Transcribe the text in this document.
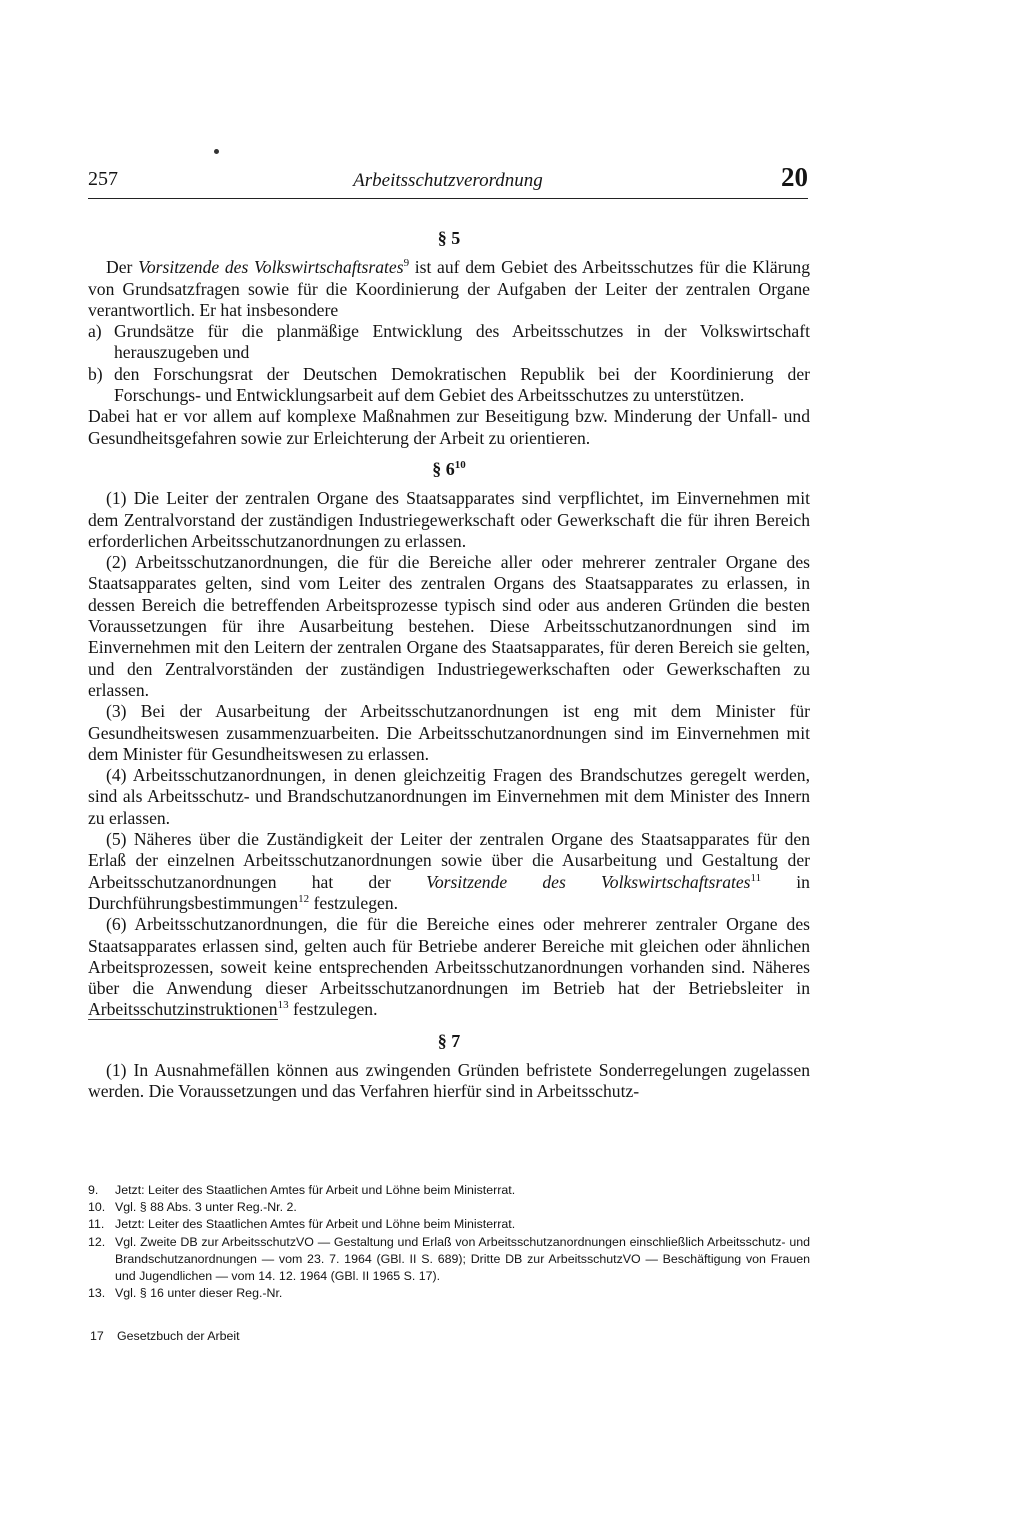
257	Arbeitsschutzverordnung	20
§ 5

Der Vorsitzende des Volkswirtschaftsrates$^9$ ist auf dem Gebiet des Arbeitsschutzes für die Klärung von Grundsatzfragen sowie für die Koordinierung der Aufgaben der Leiter der zentralen Organe verantwortlich. Er hat insbesondere

a) Grundsätze für die planmäßige Entwicklung des Arbeitsschutzes in der Volkswirtschaft herauszugeben und
b) den Forschungsrat der Deutschen Demokratischen Republik bei der Koordinierung der Forschungs- und Entwicklungsarbeit auf dem Gebiet des Arbeitsschutzes zu unterstützen.

Dabei hat er vor allem auf komplexe Maßnahmen zur Beseitigung bzw. Minderung der Unfall- und Gesundheitsgefahren sowie zur Erleichterung der Arbeit zu orientieren.

§ $6^{10}$

(1) Die Leiter der zentralen Organe des Staatsapparates sind verpflichtet, im Einvernehmen mit dem Zentralvorstand der zuständigen Industriegewerkschaft oder Gewerkschaft die für ihren Bereich erforderlichen Arbeitsschutzanordnungen zu erlassen.

(2) Arbeitsschutzanordnungen, die für die Bereiche aller oder mehrerer zentraler Organe des Staatsapparates gelten, sind vom Leiter des zentralen Organs des Staatsapparates zu erlassen, in dessen Bereich die betreffenden Arbeitsprozesse typisch sind oder aus anderen Gründen die besten Voraussetzungen für ihre Ausarbeitung bestehen. Diese Arbeitsschutzanordnungen sind im Einvernehmen mit den Leitern der zentralen Organe des Staatsapparates, für deren Bereich sie gelten, und den Zentralvorständen der zuständigen Industriegewerkschaften oder Gewerkschaften zu erlassen.

(3) Bei der Ausarbeitung der Arbeitsschutzanordnungen ist eng mit dem Minister für Gesundheitswesen zusammenzuarbeiten. Die Arbeitsschutzanordnungen sind im Einvernehmen mit dem Minister für Gesundheitswesen zu erlassen.

(4) Arbeitsschutzanordnungen, in denen gleichzeitig Fragen des Brandschutzes geregelt werden, sind als Arbeitsschutz- und Brandschutzanordnungen im Einvernehmen mit dem Minister des Innern zu erlassen.

(5) Näheres über die Zuständigkeit der Leiter der zentralen Organe des Staatsapparates für den Erlaß der einzelnen Arbeitsschutzanordnungen sowie über die Ausarbeitung und Gestaltung der Arbeitsschutzanordnungen hat der Vorsitzende des Volkswirtschaftsrates$^{11}$ in Durchführungsbestimmungen$^{12}$ festzulegen.

(6) Arbeitsschutzanordnungen, die für die Bereiche eines oder mehrerer zentraler Organe des Staatsapparates erlassen sind, gelten auch für Betriebe anderer Bereiche mit gleichen oder ähnlichen Arbeitsprozessen, soweit keine entsprechenden Arbeitsschutzanordnungen vorhanden sind. Näheres über die Anwendung dieser Arbeitsschutzanordnungen im Betrieb hat der Betriebsleiter in Arbeitsschutzinstruktionen$^{13}$ festzulegen.

§ 7

(1) In Ausnahmefällen können aus zwingenden Gründen befristete Sonderregelungen zugelassen werden. Die Voraussetzungen und das Verfahren hierfür sind in Arbeitsschutz-

9.	Jetzt: Leiter des Staatlichen Amtes für Arbeit und Löhne beim Ministerrat.
10. Vgl. § 88 Abs. 3 unter Reg.-Nr. 2.
11. Jetzt: Leiter des Staatlichen Amtes für Arbeit und Löhne beim Ministerrat.
12. Vgl. Zweite DB zur ArbeitsschutzVO — Gestaltung und Erlaß von Arbeitsschutzanordnungen einschließlich Arbeitsschutz- und Brandschutzanordnungen — vom 23. 7. 1964 (GBl. II S. 689); Dritte DB zur ArbeitsschutzVO — Beschäftigung von Frauen und Jugendlichen — vom 14. 12. 1964 (GBl. II 1965 S. 17).
13. Vgl. § 16 unter dieser Reg.-Nr.
17 Gesetzbuch der Arbeit
